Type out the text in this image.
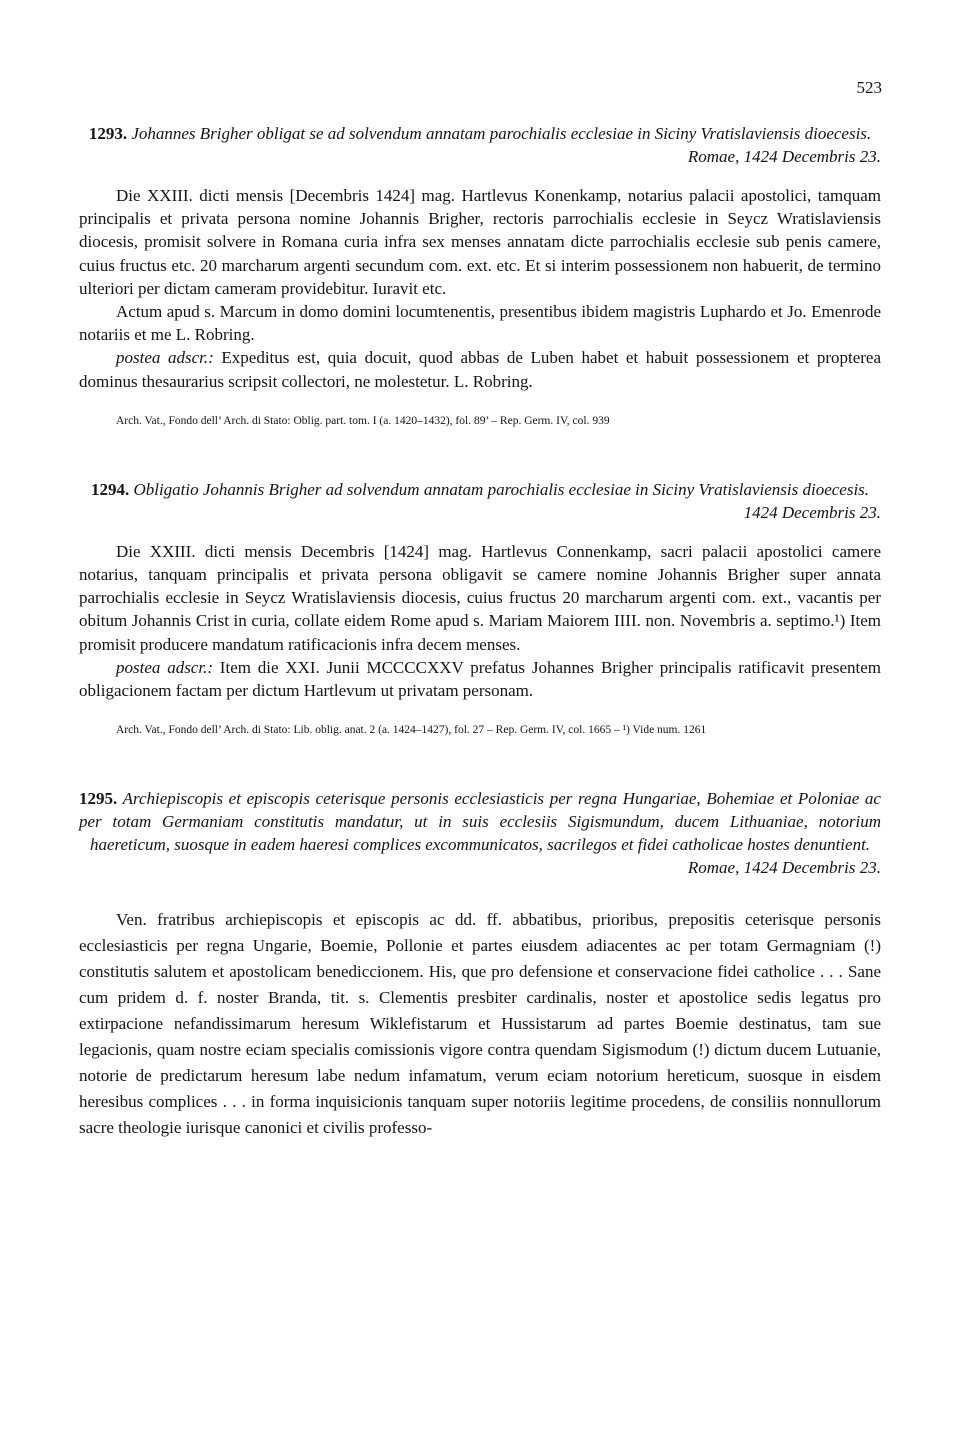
523
1293. Johannes Brigher obligat se ad solvendum annatam parochialis ecclesiae in Siciny Vratislaviensis dioecesis.
Romae, 1424 Decembris 23.

Die XXIII. dicti mensis [Decembris 1424] mag. Hartlevus Konenkamp, notarius palacii apostolici, tamquam principalis et privata persona nomine Johannis Brigher, rectoris parrochialis ecclesie in Seycz Wratislaviensis diocesis, promisit solvere in Romana curia infra sex menses annatam dicte parrochialis ecclesie sub penis camere, cuius fructus etc. 20 marcharum argenti secundum com. ext. etc. Et si interim possessionem non habuerit, de termino ulteriori per dictam cameram providebitur. Iuravit etc.

Actum apud s. Marcum in domo domini locumtenentis, presentibus ibidem magistris Luphardo et Jo. Emenrode notariis et me L. Robring.

postea adscr.: Expeditus est, quia docuit, quod abbas de Luben habet et habuit possessionem et propterea dominus thesaurarius scripsit collectori, ne molestetur. L. Robring.

Arch. Vat., Fondo dell’ Arch. di Stato: Oblig. part. tom. I (a. 1420–1432), fol. 89’ – Rep. Germ. IV, col. 939
1294. Obligatio Johannis Brigher ad solvendum annatam parochialis ecclesiae in Siciny Vratislaviensis dioecesis.
1424 Decembris 23.

Die XXIII. dicti mensis Decembris [1424] mag. Hartlevus Connenkamp, sacri palacii apostolici camere notarius, tanquam principalis et privata persona obligavit se camere nomine Johannis Brigher super annata parrochialis ecclesie in Seycz Wratislaviensis diocesis, cuius fructus 20 marcharum argenti com. ext., vacantis per obitum Johannis Crist in curia, collate eidem Rome apud s. Mariam Maiorem IIII. non. Novembris a. septimo.¹) Item promisit producere mandatum ratificacionis infra decem menses.

postea adscr.: Item die XXI. Junii MCCCCXXV prefatus Johannes Brigher principalis ratificavit presentem obligacionem factam per dictum Hartlevum ut privatam personam.

Arch. Vat., Fondo dell’ Arch. di Stato: Lib. oblig. anat. 2 (a. 1424–1427), fol. 27 – Rep. Germ. IV, col. 1665 – ¹) Vide num. 1261
1295. Archiepiscopis et episcopis ceterisque personis ecclesiasticis per regna Hungariae, Bohemiae et Poloniae ac per totam Germaniam constitutis mandatur, ut in suis ecclesiis Sigismundum, ducem Lithuaniae, notorium haereticum, suosque in eadem haeresi complices excommunicatos, sacrilegos et fidei catholicae hostes denuntient.
Romae, 1424 Decembris 23.

Ven. fratribus archiepiscopis et episcopis ac dd. ff. abbatibus, prioribus, prepositis ceterisque personis ecclesiasticis per regna Ungarie, Boemie, Pollonie et partes eiusdem adiacentes ac per totam Germagniam (!) constitutis salutem et apostolicam benediccionem. His, que pro defensione et conservacione fidei catholice . . . Sane cum pridem d. f. noster Branda, tit. s. Clementis presbiter cardinalis, noster et apostolice sedis legatus pro extirpacione nefandissimarum heresum Wiklefistarum et Hussistarum ad partes Boemie destinatus, tam sue legacionis, quam nostre eciam specialis comissionis vigore contra quendam Sigismodum (!) dictum ducem Lutuanie, notorie de predictarum heresum labe nedum infamatum, verum eciam notorium hereticum, suosque in eisdem heresibus complices . . . in forma inquisicionis tanquam super notoriis legitime procedens, de consiliis nonnullorum sacre theologie iurisque canonici et civilis professo-
